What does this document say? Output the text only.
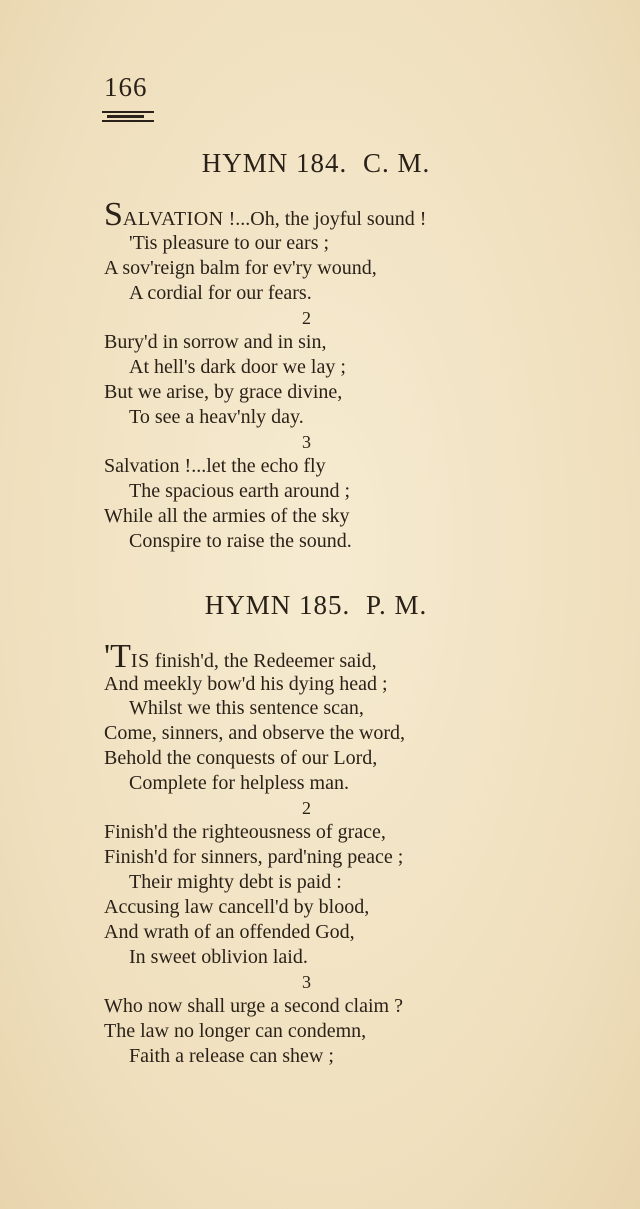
166
HYMN 184. C. M.
SALVATION !...Oh, the joyful sound !
'Tis pleasure to our ears ;
A sov'reign balm for ev'ry wound,
A cordial for our fears.
2
Bury'd in sorrow and in sin,
At hell's dark door we lay ;
But we arise, by grace divine,
To see a heav'nly day.
3
Salvation !...let the echo fly
The spacious earth around ;
While all the armies of the sky
Conspire to raise the sound.
HYMN 185. P. M.
'TIS finish'd, the Redeemer said,
And meekly bow'd his dying head ;
Whilst we this sentence scan,
Come, sinners, and observe the word,
Behold the conquests of our Lord,
Complete for helpless man.
2
Finish'd the righteousness of grace,
Finish'd for sinners, pard'ning peace ;
Their mighty debt is paid :
Accusing law cancell'd by blood,
And wrath of an offended God,
In sweet oblivion laid.
3
Who now shall urge a second claim ?
The law no longer can condemn,
Faith a release can shew ;
